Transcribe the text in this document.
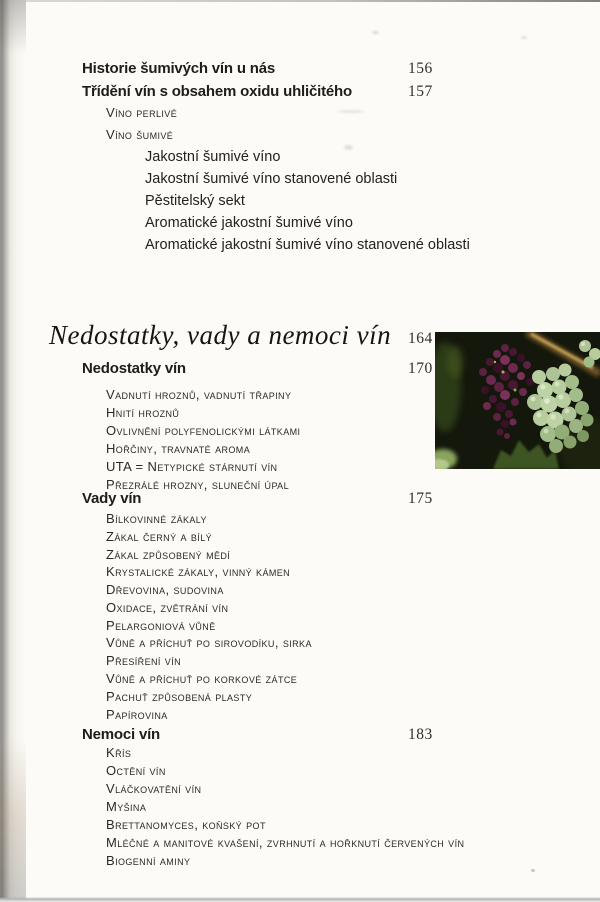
Historie šumivých vín u nás	156
Třídění vín s obsahem oxidu uhličitého	157
Víno perlivé
Víno šumivé
Jakostní šumivé víno
Jakostní šumivé víno stanovené oblasti
Pěstitelský sekt
Aromatické jakostní šumivé víno
Aromatické jakostní šumivé víno stanovené oblasti
Nedostatky, vady a nemoci vín 164
Nedostatky vín	170
Vadnutí hroznů, vadnutí třapiny
Hnití hroznů
Ovlivnění polyfenolickými látkami
Hořčiny, travnaté aroma
UTA = Netypické stárnutí vín
Přezrálé hrozny, sluneční úpal
Vady vín	175
Bílkovinné zákaly
Zákal černý a bílý
Zákal způsobený mědí
Krystalické zákaly, vinný kámen
Dřevovina, sudovina
Oxidace, zvětrání vín
Pelargoniová vůně
Vůně a příchuť po sirovodíku, sirka
Přesíření vín
Vůně a příchuť po korkové zátce
Pachuť způsobená plasty
Papírovina
Nemoci vín	183
Křís
Octění vín
Vláčkovatění vín
Myšina
Brettanomyces, koňský pot
Mléčné a manitové kvašení, zvrhnutí a hořknutí červených vín
Biogenní aminy
